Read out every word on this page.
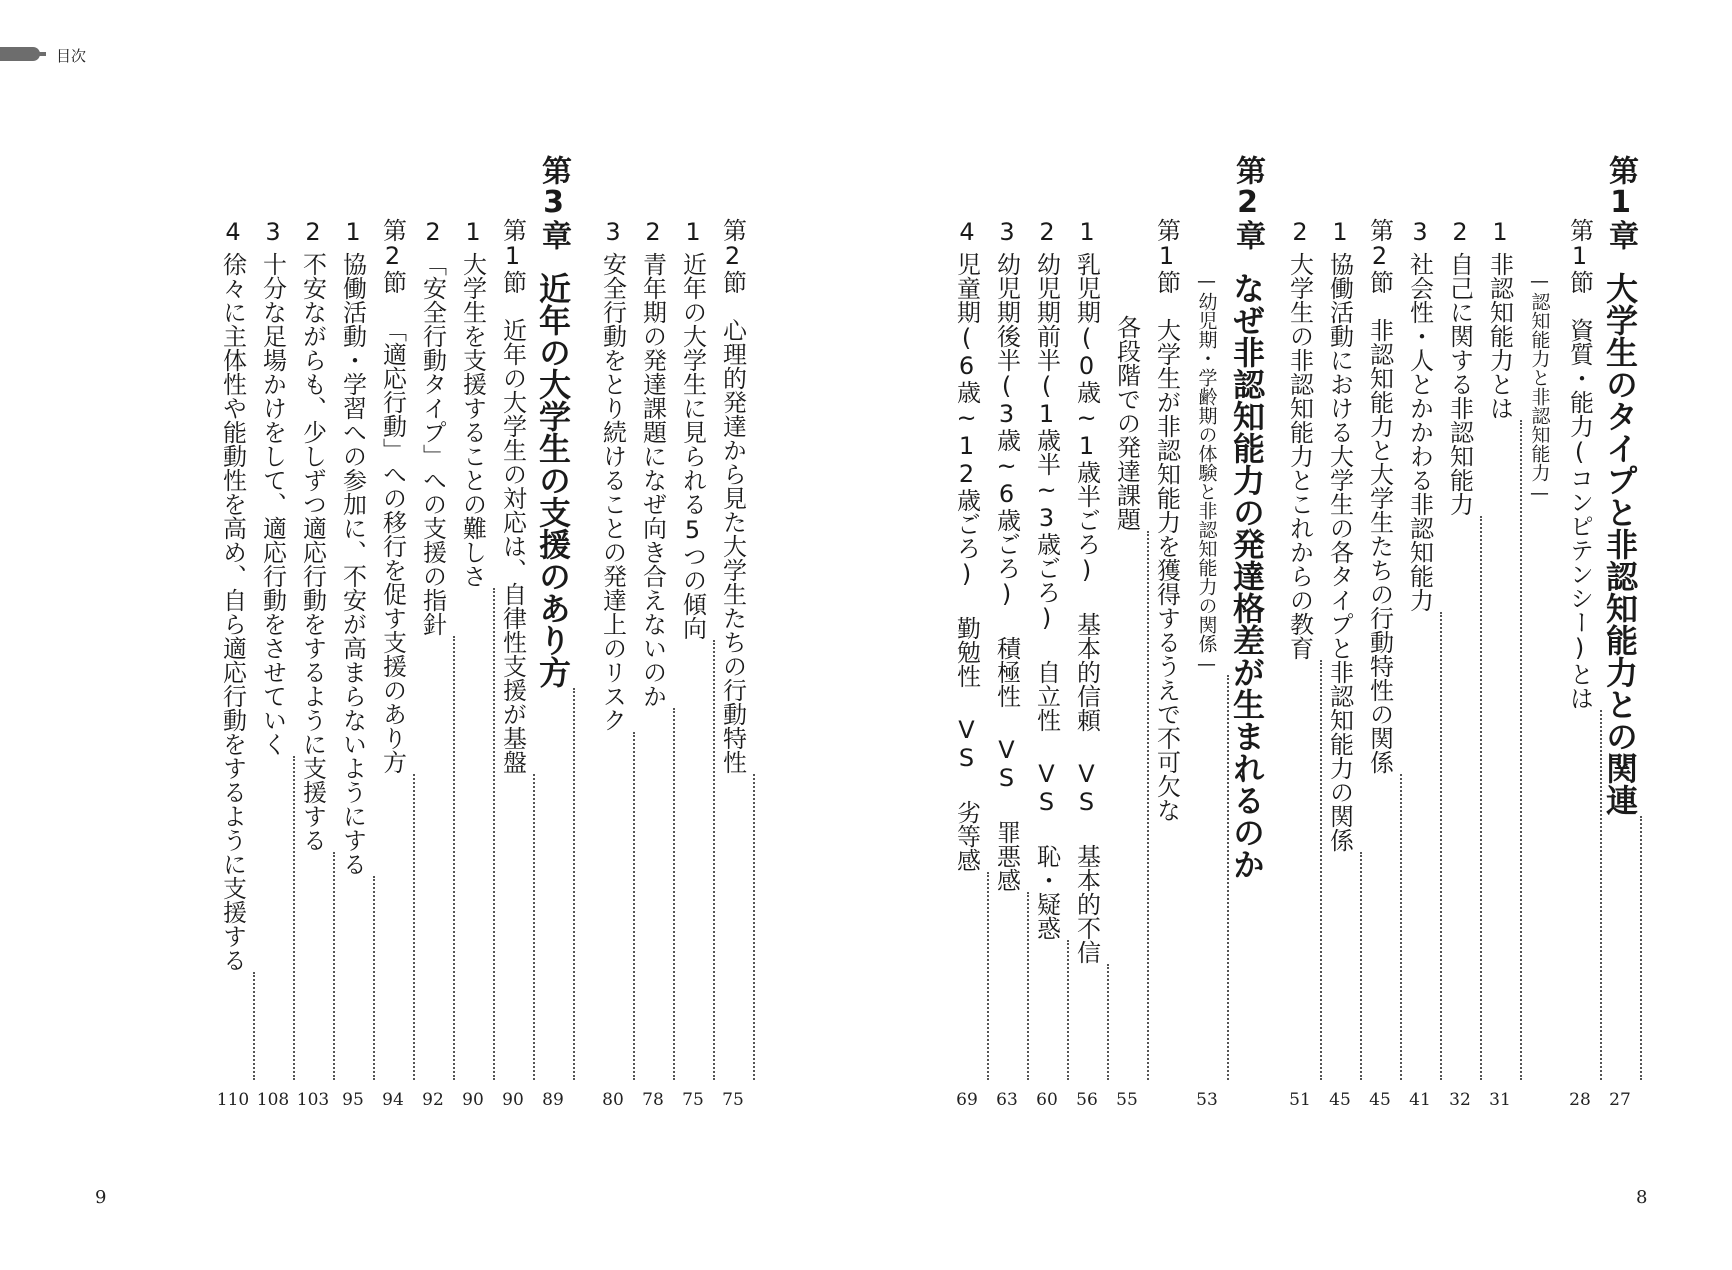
目次
第1章
大学生のタイプと非認知能力との関連
27
第1節
資質・能力(コンピテンシー)とは
28
—認知能力と非認知能力—
1
非認知能力とは
31
2
自己に関する非認知能力
32
3
社会性・人とかかわる非認知能力
41
第2節
非認知能力と大学生たちの行動特性の関係
45
1
協働活動における大学生の各タイプと非認知能力の関係
45
2
大学生の非認知能力とこれからの教育
51
第2章
なぜ非認知能力の発達格差が生まれるのか
—幼児期・学齢期の体験と非認知能力の関係—
53
第1節
大学生が非認知能力を獲得するうえで不可欠な
各段階での発達課題
55
1
乳児期(0歳~1歳半ごろ) 基本的信頼 VS 基本的不信
56
2
幼児期前半(1歳半~3歳ごろ) 自立性 VS 恥・疑惑
60
3
幼児期後半(3歳~6歳ごろ) 積極性 VS 罪悪感
63
4
児童期(6歳~12歳ごろ) 勤勉性 VS 劣等感
69
第2節
心理的発達から見た大学生たちの行動特性
75
1
近年の大学生に見られる5つの傾向
75
2
青年期の発達課題になぜ向き合えないのか
78
3
安全行動をとり続けることの発達上のリスク
80
第3章
近年の大学生の支援のあり方
89
第1節
近年の大学生の対応は、自律性支援が基盤
90
1
大学生を支援することの難しさ
90
2
「安全行動タイプ」への支援の指針
92
第2節
「適応行動」への移行を促す支援のあり方
94
1
協働活動・学習への参加に、不安が高まらないようにする
95
2
不安ながらも、少しずつ適応行動をするように支援する
103
3
十分な足場かけをして、適応行動をさせていく
108
4
徐々に主体性や能動性を高め、自ら適応行動をするように支援する
110
8
9
